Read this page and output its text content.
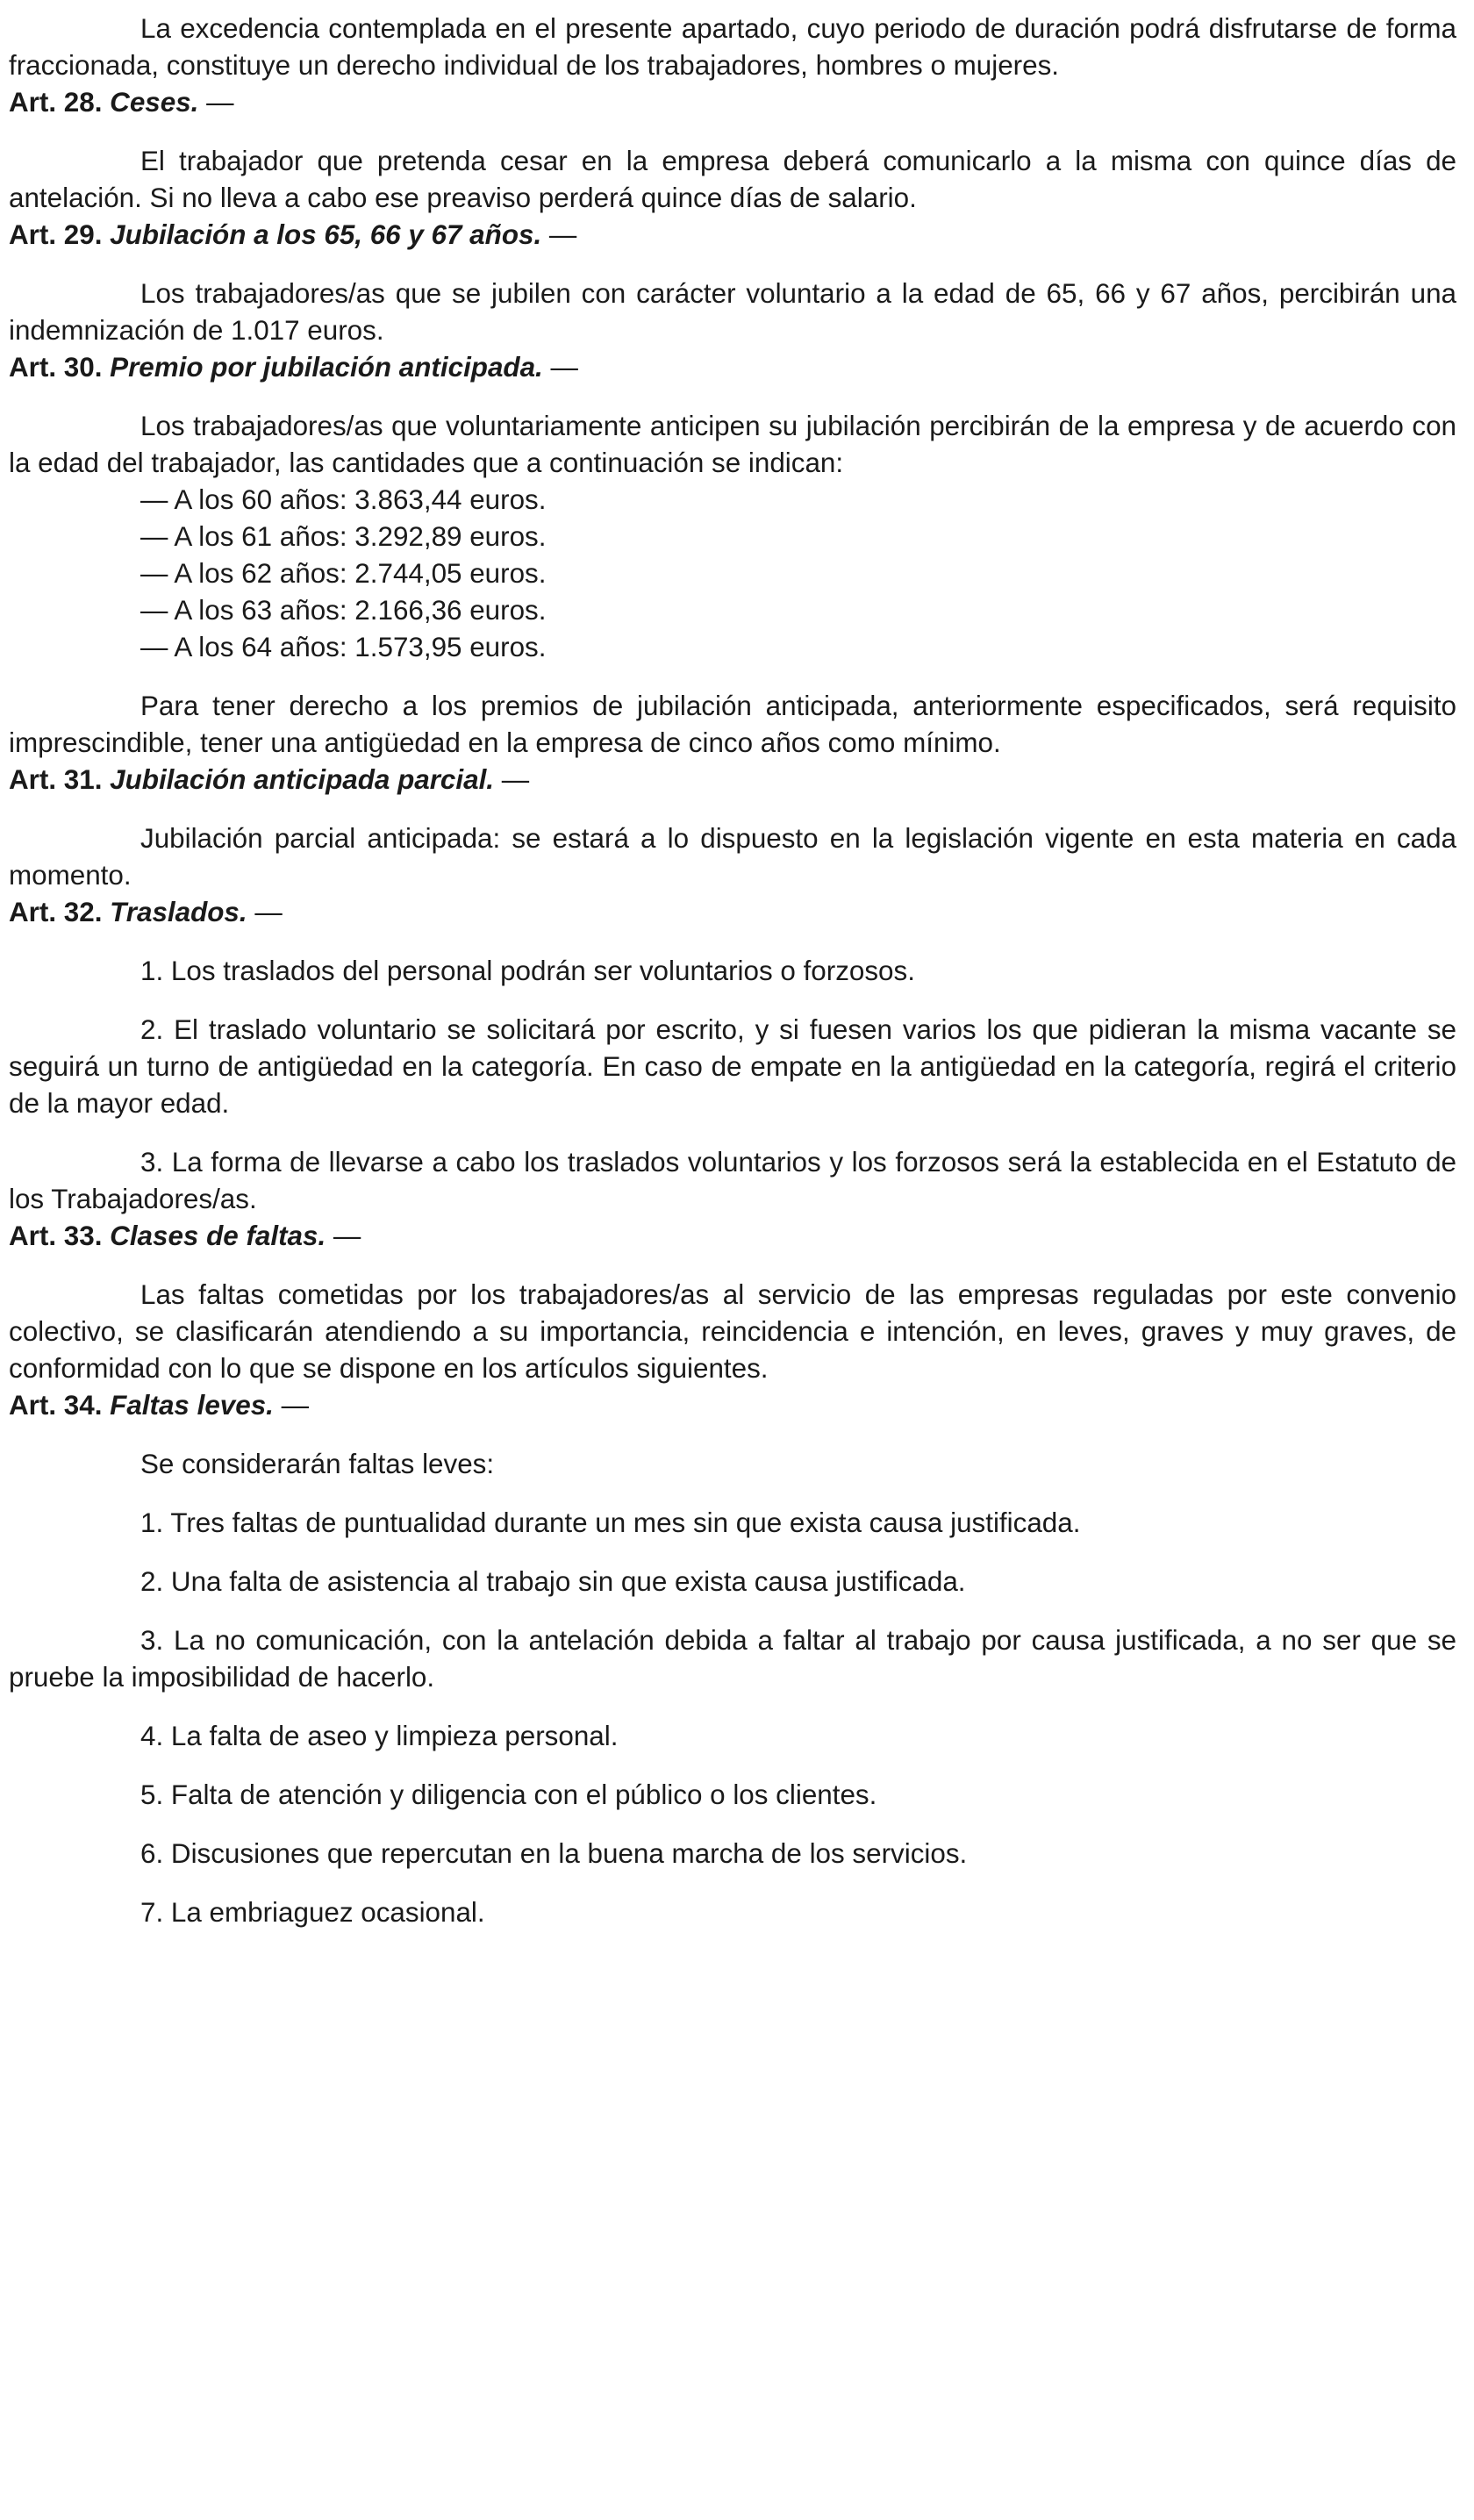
La excedencia contemplada en el presente apartado, cuyo periodo de duración podrá disfrutarse de forma fraccionada, constituye un derecho individual de los trabajadores, hombres o mujeres.

Art. 28. Ceses. —

El trabajador que pretenda cesar en la empresa deberá comunicarlo a la misma con quince días de antelación. Si no lleva a cabo ese preaviso perderá quince días de salario.

Art. 29. Jubilación a los 65, 66 y 67 años. —

Los trabajadores/as que se jubilen con carácter voluntario a la edad de 65, 66 y 67 años, percibirán una indemnización de 1.017 euros.

Art. 30. Premio por jubilación anticipada. —

Los trabajadores/as que voluntariamente anticipen su jubilación percibirán de la empresa y de acuerdo con la edad del trabajador, las cantidades que a continuación se indican:

— A los 60 años: 3.863,44 euros.

— A los 61 años: 3.292,89 euros.

— A los 62 años: 2.744,05 euros.

— A los 63 años: 2.166,36 euros.

— A los 64 años: 1.573,95 euros.

Para tener derecho a los premios de jubilación anticipada, anteriormente especificados, será requisito imprescindible, tener una antigüedad en la empresa de cinco años como mínimo.

Art. 31. Jubilación anticipada parcial. —

Jubilación parcial anticipada: se estará a lo dispuesto en la legislación vigente en esta materia en cada momento.

Art. 32. Traslados. —

1. Los traslados del personal podrán ser voluntarios o forzosos.

2. El traslado voluntario se solicitará por escrito, y si fuesen varios los que pidieran la misma vacante se seguirá un turno de antigüedad en la categoría. En caso de empate en la antigüedad en la categoría, regirá el criterio de la mayor edad.

3. La forma de llevarse a cabo los traslados voluntarios y los forzosos será la establecida en el Estatuto de los Trabajadores/as.

Art. 33. Clases de faltas. —

Las faltas cometidas por los trabajadores/as al servicio de las empresas reguladas por este convenio colectivo, se clasificarán atendiendo a su importancia, reincidencia e intención, en leves, graves y muy graves, de conformidad con lo que se dispone en los artículos siguientes.

Art. 34. Faltas leves. —

Se considerarán faltas leves:

1. Tres faltas de puntualidad durante un mes sin que exista causa justificada.

2. Una falta de asistencia al trabajo sin que exista causa justificada.

3. La no comunicación, con la antelación debida a faltar al trabajo por causa justificada, a no ser que se pruebe la imposibilidad de hacerlo.

4. La falta de aseo y limpieza personal.

5. Falta de atención y diligencia con el público o los clientes.

6. Discusiones que repercutan en la buena marcha de los servicios.

7. La embriaguez ocasional.
